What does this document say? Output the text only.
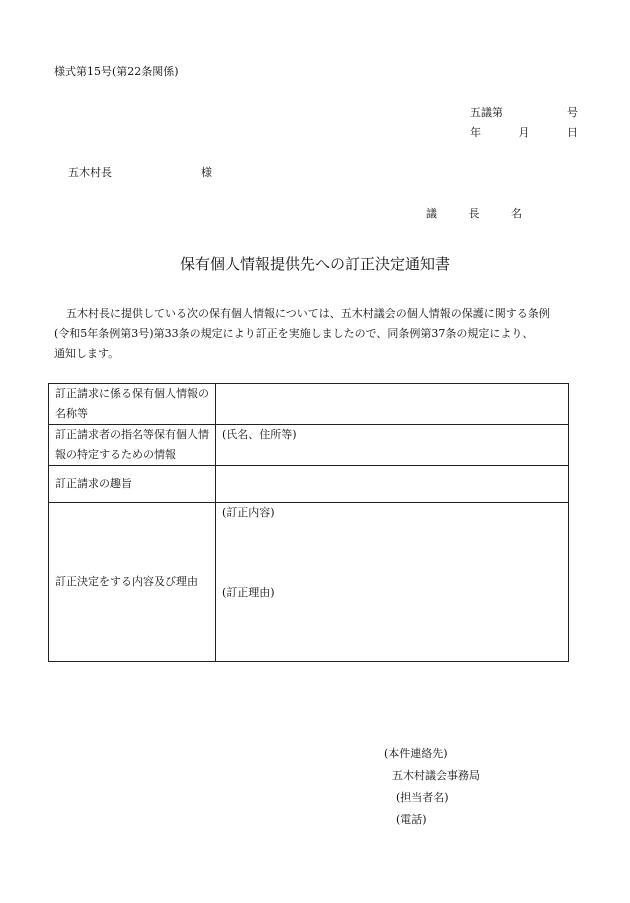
様式第15号(第22条関係)
五議第	号
年	月	日
五木村長	様
議	長	名
保有個人情報提供先への訂正決定通知書

五木村長に提供している次の保有個人情報については、五木村議会の個人情報の保護に関する条例

(令和5年条例第3号)第33条の規定により訂正を実施しましたので、同条例第37条の規定により、

通知します。

訂正請求に係る保有個人情報の名称等	
訂正請求者の指名等保有個人情報の特定するための情報	(氏名、住所等)
訂正請求の趣旨	
訂正決定をする内容及び理由	(訂正内容)
(訂正理由)
(本件連絡先)
五木村議会事務局
(担当者名)
(電話)
